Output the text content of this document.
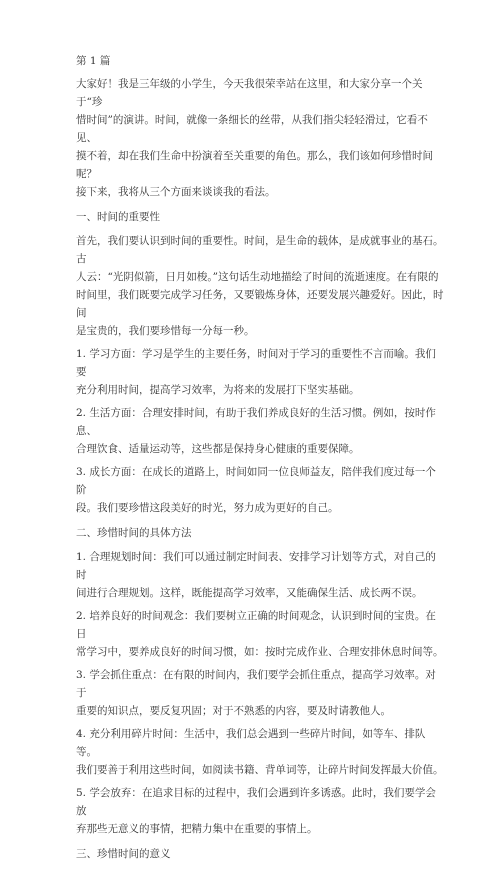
第 1 篇
大家好！我是三年级的小学生，今天我很荣幸站在这里，和大家分享一个关于“珍
惜时间”的演讲。时间，就像一条细长的丝带，从我们指尖轻轻滑过，它看不见、
摸不着，却在我们生命中扮演着至关重要的角色。那么，我们该如何珍惜时间呢？
接下来，我将从三个方面来谈谈我的看法。
一、时间的重要性
首先，我们要认识到时间的重要性。时间，是生命的载体，是成就事业的基石。古
人云：“光阴似箭，日月如梭。”这句话生动地描绘了时间的流逝速度。在有限的
时间里，我们既要完成学习任务，又要锻炼身体，还要发展兴趣爱好。因此，时间
是宝贵的，我们要珍惜每一分每一秒。
1. 学习方面：学习是学生的主要任务，时间对于学习的重要性不言而喻。我们要
充分利用时间，提高学习效率，为将来的发展打下坚实基础。
2. 生活方面：合理安排时间，有助于我们养成良好的生活习惯。例如，按时作息、
合理饮食、适量运动等，这些都是保持身心健康的重要保障。
3. 成长方面：在成长的道路上，时间如同一位良师益友，陪伴我们度过每一个阶
段。我们要珍惜这段美好的时光，努力成为更好的自己。
二、珍惜时间的具体方法
1. 合理规划时间：我们可以通过制定时间表、安排学习计划等方式，对自己的时
间进行合理规划。这样，既能提高学习效率，又能确保生活、成长两不误。
2. 培养良好的时间观念：我们要树立正确的时间观念，认识到时间的宝贵。在日
常学习中，要养成良好的时间习惯，如：按时完成作业、合理安排休息时间等。
3. 学会抓住重点：在有限的时间内，我们要学会抓住重点，提高学习效率。对于
重要的知识点，要反复巩固；对于不熟悉的内容，要及时请教他人。
4. 充分利用碎片时间：生活中，我们总会遇到一些碎片时间，如等车、排队等。
我们要善于利用这些时间，如阅读书籍、背单词等，让碎片时间发挥最大价值。
5. 学会放弃：在追求目标的过程中，我们会遇到许多诱惑。此时，我们要学会放
弃那些无意义的事情，把精力集中在重要的事情上。
三、珍惜时间的意义
